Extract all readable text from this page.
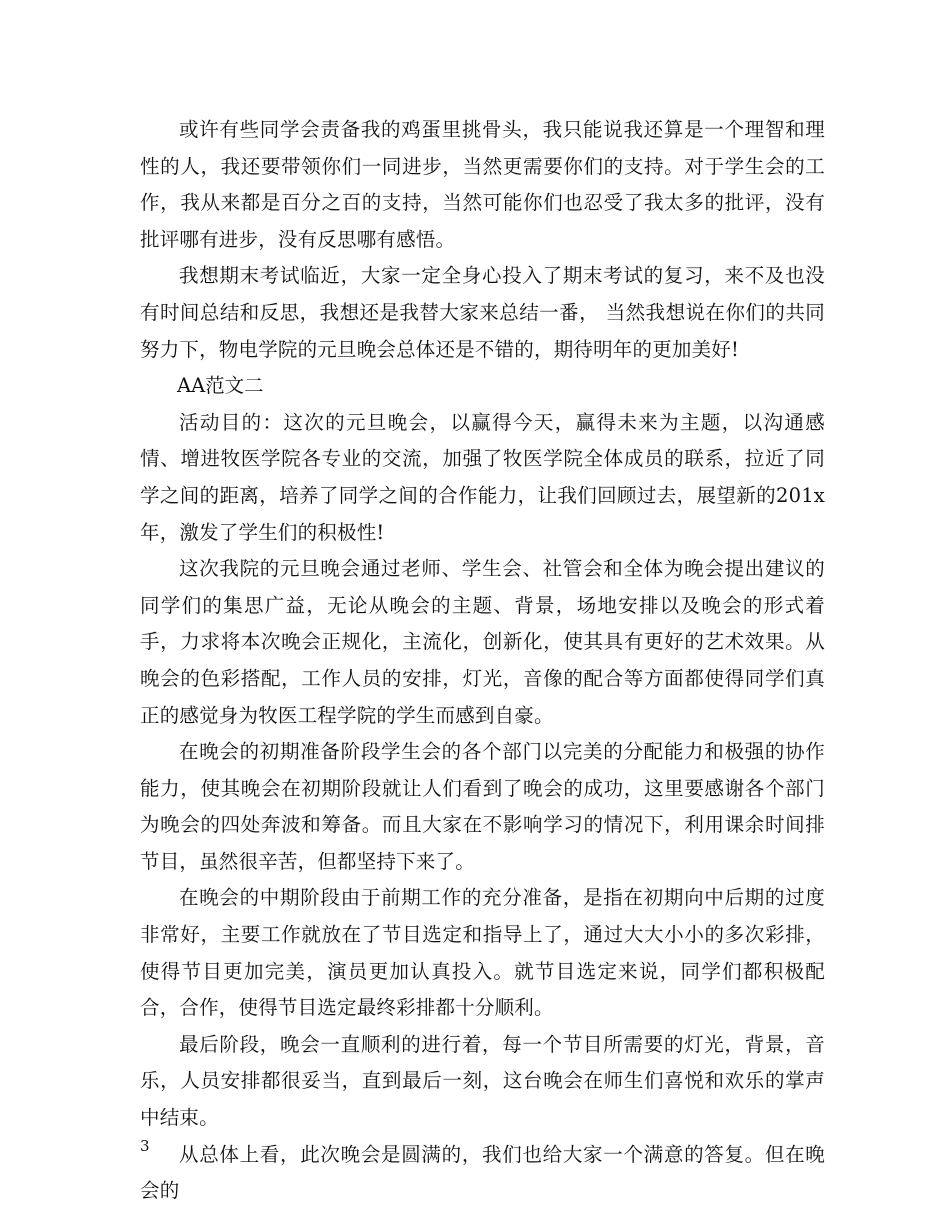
或许有些同学会责备我的鸡蛋里挑骨头，我只能说我还算是一个理智和理性的人，我还要带领你们一同进步，当然更需要你们的支持。对于学生会的工作，我从来都是百分之百的支持，当然可能你们也忍受了我太多的批评，没有批评哪有进步，没有反思哪有感悟。

我想期末考试临近，大家一定全身心投入了期末考试的复习，来不及也没有时间总结和反思，我想还是我替大家来总结一番， 当然我想说在你们的共同努力下，物电学院的元旦晚会总体还是不错的，期待明年的更加美好!

AA范文二

活动目的：这次的元旦晚会，以赢得今天，赢得未来为主题，以沟通感情、增进牧医学院各专业的交流，加强了牧医学院全体成员的联系，拉近了同学之间的距离，培养了同学之间的合作能力，让我们回顾过去，展望新的201x年，激发了学生们的积极性!

这次我院的元旦晚会通过老师、学生会、社管会和全体为晚会提出建议的同学们的集思广益，无论从晚会的主题、背景，场地安排以及晚会的形式着手，力求将本次晚会正规化，主流化，创新化，使其具有更好的艺术效果。从晚会的色彩搭配，工作人员的安排，灯光，音像的配合等方面都使得同学们真正的感觉身为牧医工程学院的学生而感到自豪。

在晚会的初期准备阶段学生会的各个部门以完美的分配能力和极强的协作能力，使其晚会在初期阶段就让人们看到了晚会的成功，这里要感谢各个部门为晚会的四处奔波和筹备。而且大家在不影响学习的情况下，利用课余时间排节目，虽然很辛苦，但都坚持下来了。

在晚会的中期阶段由于前期工作的充分准备，是指在初期向中后期的过度非常好，主要工作就放在了节目选定和指导上了，通过大大小小的多次彩排，使得节目更加完美，演员更加认真投入。就节目选定来说，同学们都积极配合，合作，使得节目选定最终彩排都十分顺利。

最后阶段，晚会一直顺利的进行着，每一个节目所需要的灯光，背景，音乐，人员安排都很妥当，直到最后一刻，这台晚会在师生们喜悦和欢乐的掌声中结束。

从总体上看，此次晚会是圆满的，我们也给大家一个满意的答复。但在晚会的

3
